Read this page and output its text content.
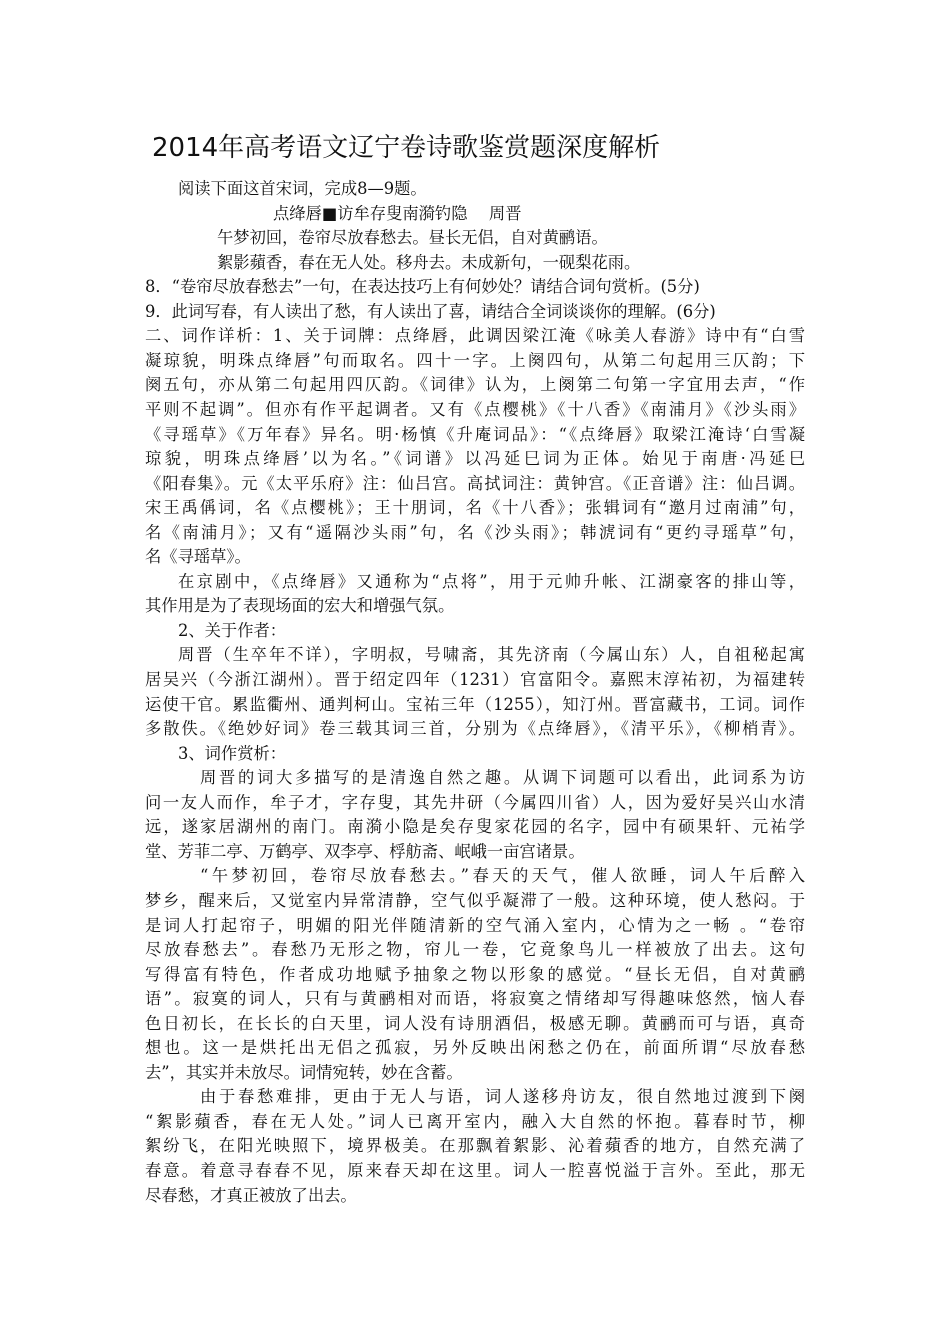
2014年高考语文辽宁卷诗歌鉴赏题深度解析
阅读下面这首宋词，完成8—9题。
点绛唇■访牟存叟南漪钓隐　 周晋
午梦初回，卷帘尽放春愁去。昼长无侣，自对黄鹂语。
絮影蘋香，春在无人处。移舟去。未成新句，一砚梨花雨。
8．“卷帘尽放春愁去”一句，在表达技巧上有何妙处？请结合词句赏析。(5分)
9．此词写春，有人读出了愁，有人读出了喜，请结合全词谈谈你的理解。(6分)
二、词作详析：1、关于词牌：点绛唇，此调因梁江淹《咏美人春游》诗中有“白雪
凝琼貌，明珠点绛唇”句而取名。四十一字。上阕四句，从第二句起用三仄韵；下
阕五句，亦从第二句起用四仄韵。《词律》认为，上阕第二句第一字宜用去声，“作
平则不起调”。但亦有作平起调者。又有《点樱桃》《十八香》《南浦月》《沙头雨》
《寻瑶草》《万年春》异名。明·杨慎《升庵词品》：“《点绛唇》取梁江淹诗‘白雪凝
琼貌，明珠点绛唇’以为名。”《词谱》以冯延巳词为正体。始见于南唐·冯延巳
《阳春集》。元《太平乐府》注：仙吕宫。高拭词注：黄钟宫。《正音谱》注：仙吕调。
宋王禹偁词，名《点樱桃》；王十朋词，名《十八香》；张辑词有“邀月过南浦”句，
名《南浦月》；又有“遥隔沙头雨”句，名《沙头雨》；韩淲词有“更约寻瑶草”句，
名《寻瑶草》。
在京剧中，《点绛唇》又通称为“点将”，用于元帅升帐、江湖豪客的排山等，
其作用是为了表现场面的宏大和增强气氛。
2、关于作者：
周晋（生卒年不详），字明叔，号啸斋，其先济南（今属山东）人，自祖秘起寓
居吴兴（今浙江湖州）。晋于绍定四年（1231）官富阳令。嘉熙末淳祐初，为福建转
运使干官。累监衢州、通判柯山。宝祐三年（1255），知汀州。晋富藏书，工词。词作
多散佚。《绝妙好词》卷三载其词三首，分别为《点绛唇》，《清平乐》，《柳梢青》。
3、词作赏析：
周晋的词大多描写的是清逸自然之趣。从调下词题可以看出，此词系为访
问一友人而作，牟子才，字存叟，其先井研（今属四川省）人，因为爱好吴兴山水清
远，遂家居湖州的南门。南漪小隐是矣存叟家花园的名字，园中有硕果轩、元祐学
堂、芳菲二亭、万鹤亭、双李亭、桴舫斋、岷峨一亩宫诸景。
“午梦初回，卷帘尽放春愁去。”春天的天气，催人欲睡，词人午后醉入
梦乡，醒来后，又觉室内异常清静，空气似乎凝滞了一般。这种环境，使人愁闷。于
是词人打起帘子，明媚的阳光伴随清新的空气涌入室内，心情为之一畅 。“卷帘
尽放春愁去”。春愁乃无形之物，帘儿一卷，它竟象鸟儿一样被放了出去。这句
写得富有特色，作者成功地赋予抽象之物以形象的感觉。“昼长无侣，自对黄鹂
语”。寂寞的词人，只有与黄鹂相对而语，将寂寞之情绪却写得趣味悠然，恼人春
色日初长，在长长的白天里，词人没有诗朋酒侣，极感无聊。黄鹂而可与语，真奇
想也。这一是烘托出无侣之孤寂，另外反映出闲愁之仍在，前面所谓“尽放春愁
去”，其实并未放尽。词情宛转，妙在含蓄。
由于春愁难排，更由于无人与语，词人遂移舟访友，很自然地过渡到下阕
“絮影蘋香，春在无人处。”词人已离开室内，融入大自然的怀抱。暮春时节，柳
絮纷飞，在阳光映照下，境界极美。在那飘着絮影、沁着蘋香的地方，自然充满了
春意。着意寻春春不见，原来春天却在这里。词人一腔喜悦溢于言外。至此，那无
尽春愁，才真正被放了出去。
